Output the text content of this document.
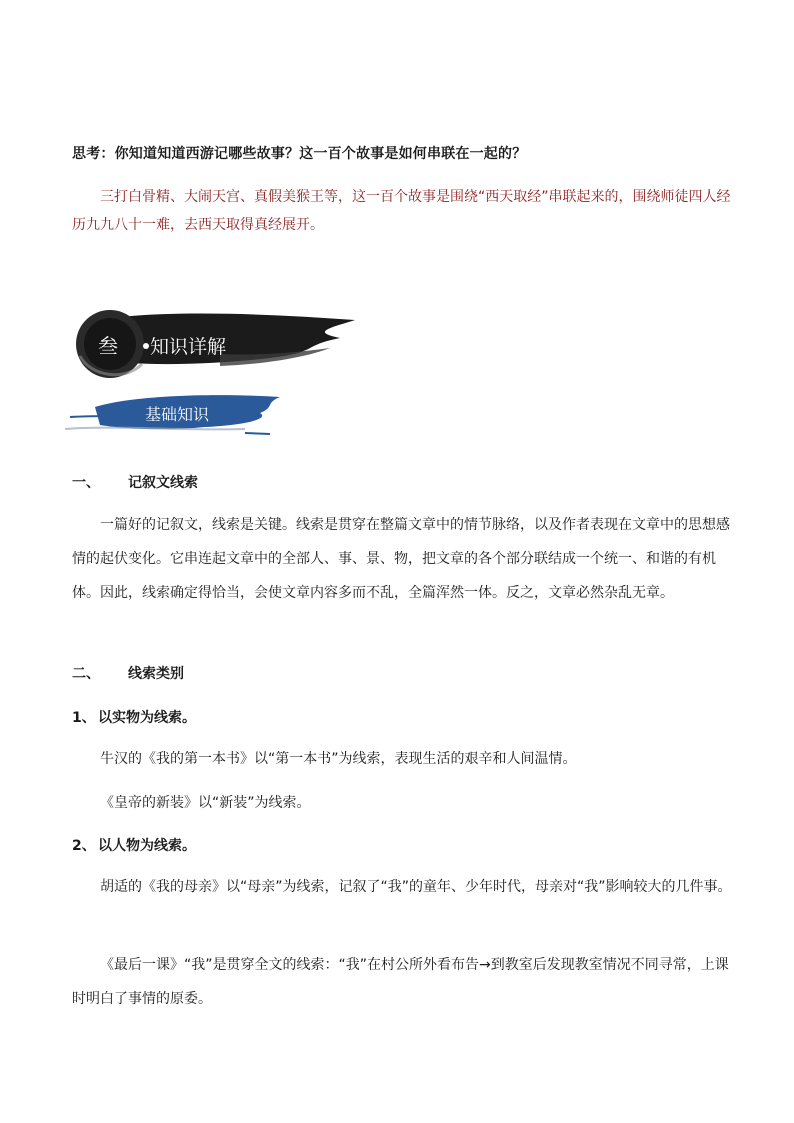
思考：你知道知道西游记哪些故事？这一百个故事是如何串联在一起的？
三打白骨精、大闹天宫、真假美猴王等，这一百个故事是围绕“西天取经”串联起来的，围绕师徒四人经历九九八十一难，去西天取得真经展开。
叁 知识详解
基础知识
一、 记叙文线索
一篇好的记叙文，线索是关键。线索是贯穿在整篇文章中的情节脉络，以及作者表现在文章中的思想感情的起伏变化。它串连起文章中的全部人、事、景、物，把文章的各个部分联结成一个统一、和谐的有机体。因此，线索确定得恰当，会使文章内容多而不乱，全篇浑然一体。反之，文章必然杂乱无章。
二、 线索类别
1、 以实物为线索。
牛汉的《我的第一本书》以“第一本书”为线索，表现生活的艰辛和人间温情。
《皇帝的新装》以“新装”为线索。
2、 以人物为线索。
胡适的《我的母亲》以“母亲”为线索，记叙了“我”的童年、少年时代，母亲对“我”影响较大的几件事。
《最后一课》“我”是贯穿全文的线索：“我”在村公所外看布告→到教室后发现教室情况不同寻常，上课时明白了事情的原委。
